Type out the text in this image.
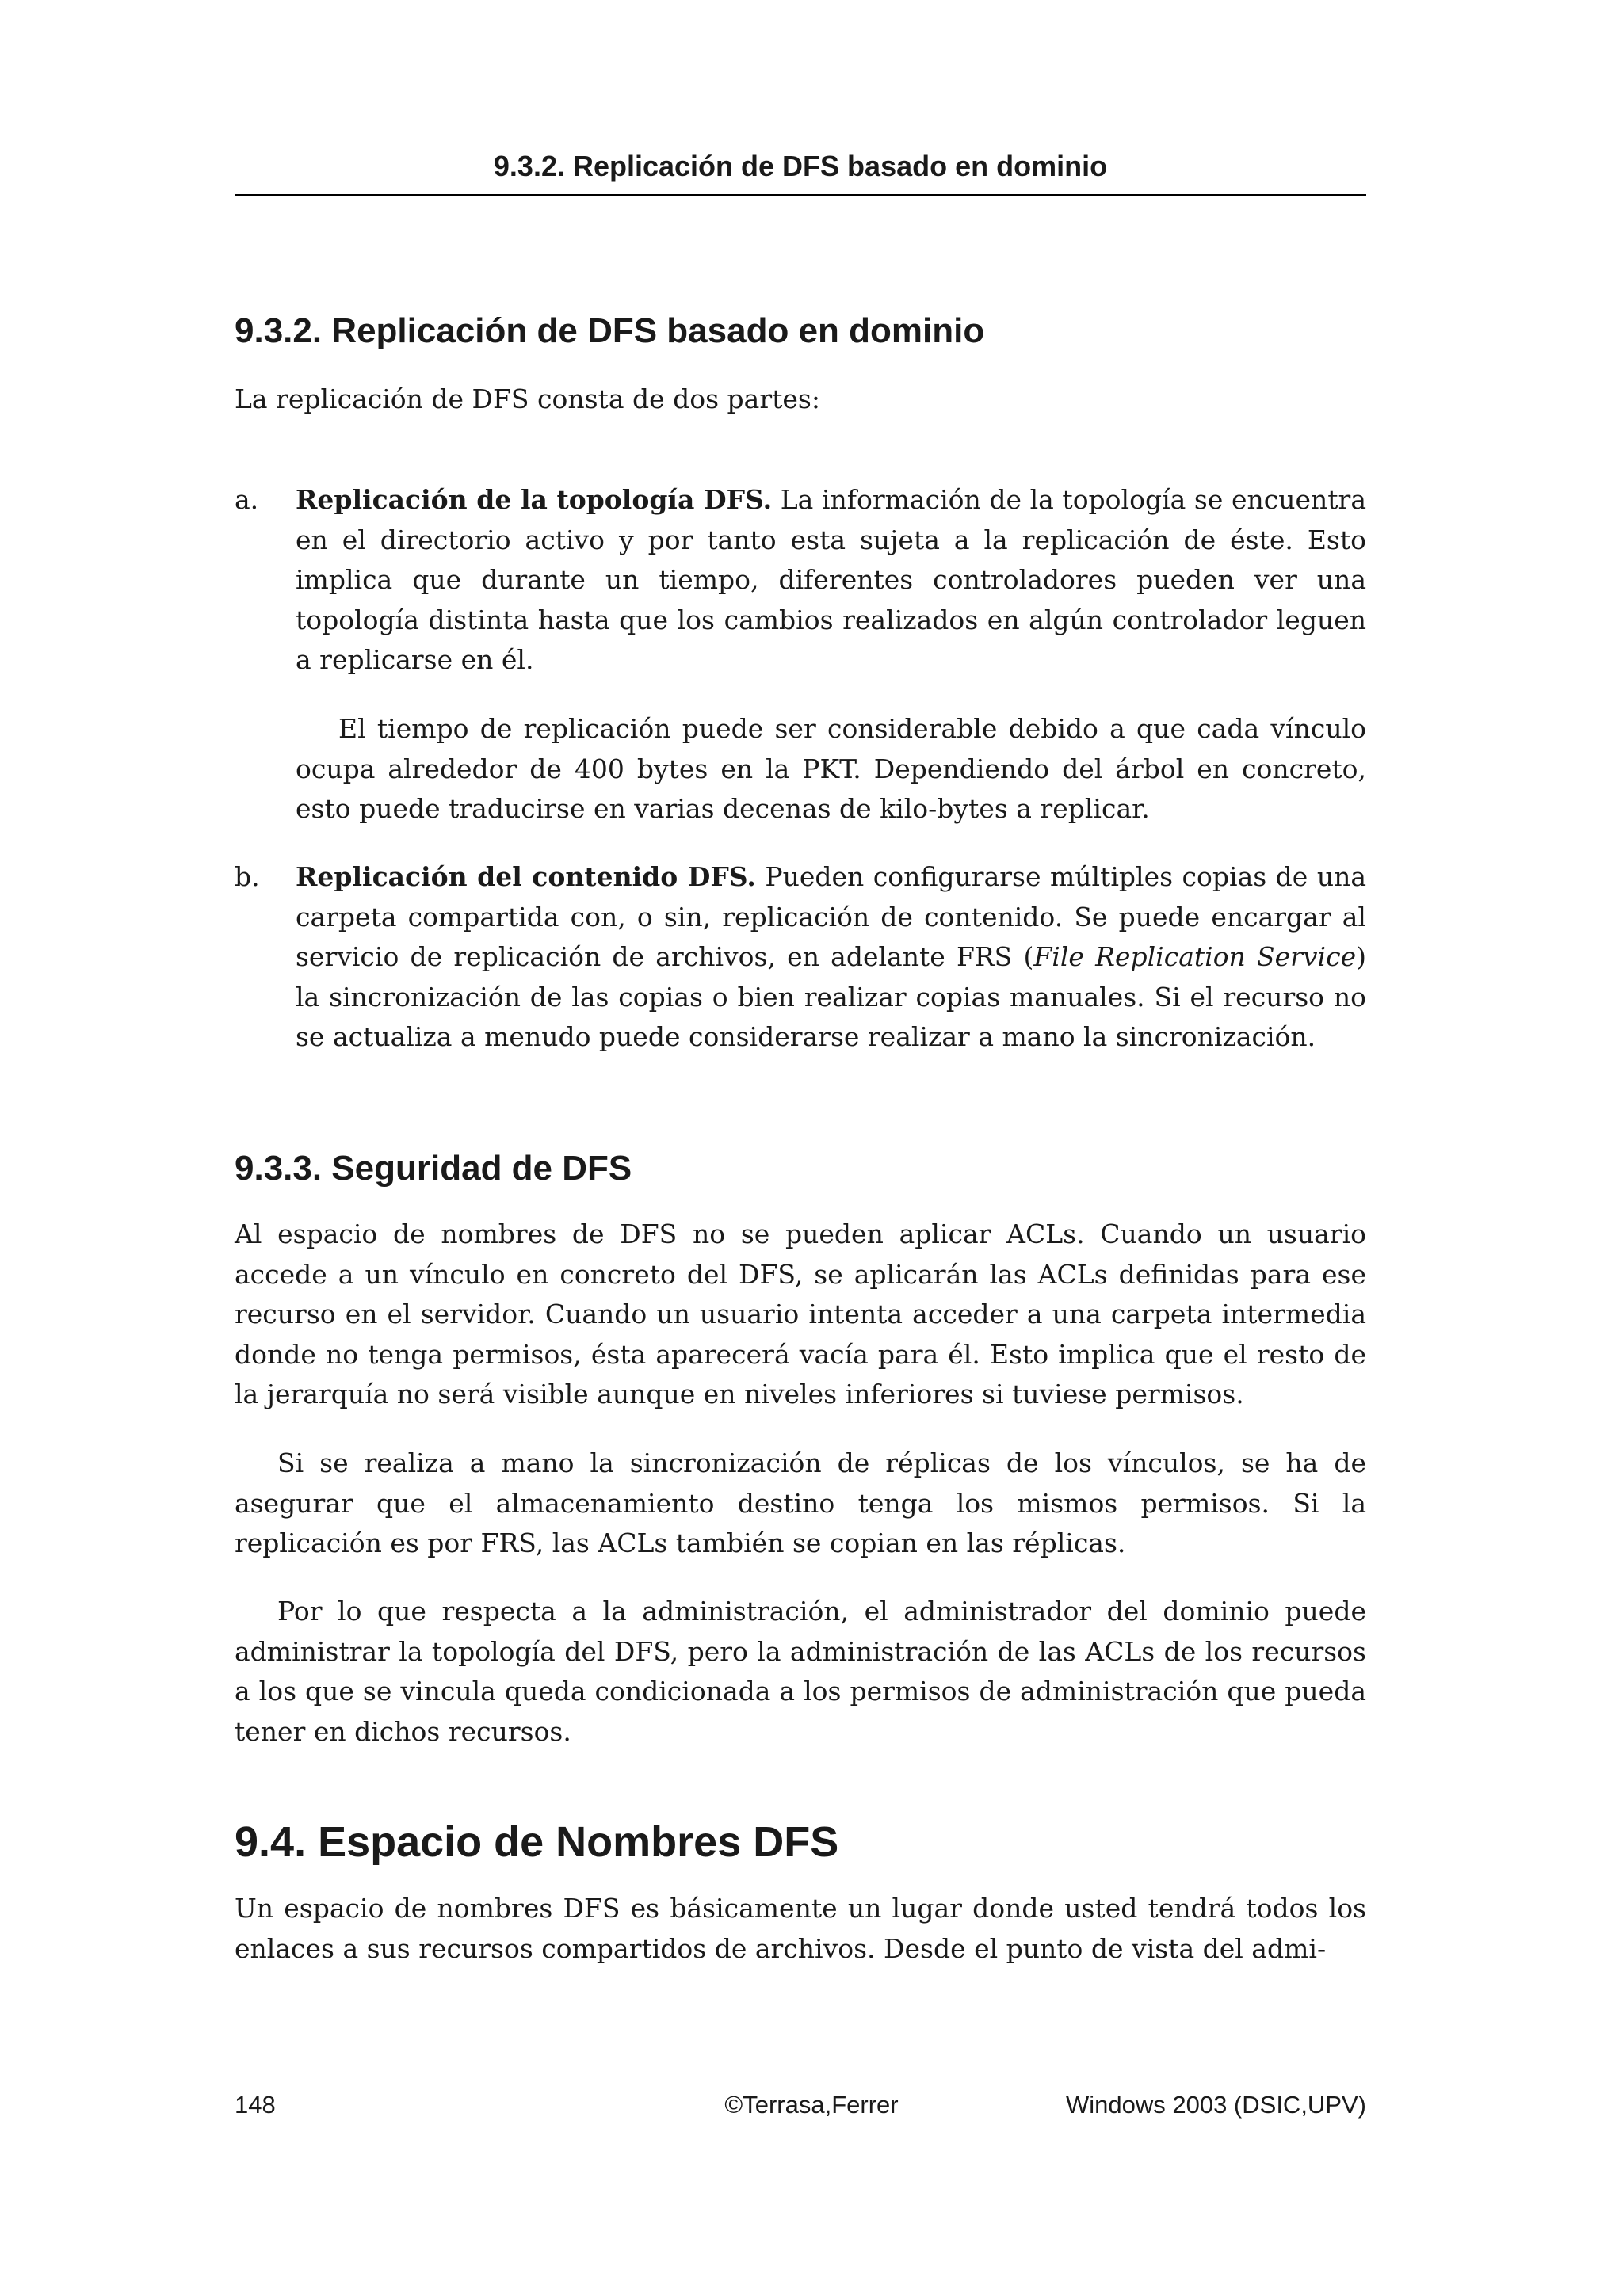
9.3.2. Replicación de DFS basado en dominio
9.3.2. Replicación de DFS basado en dominio

La replicación de DFS consta de dos partes:

a. Replicación de la topología DFS. La información de la topología se encuentra en el directorio activo y por tanto esta sujeta a la replicación de éste. Esto implica que durante un tiempo, diferentes controladores pueden ver una topología distinta hasta que los cambios realizados en algún controlador leguen a replicarse en él.

El tiempo de replicación puede ser considerable debido a que cada vínculo ocupa alrededor de 400 bytes en la PKT. Dependiendo del árbol en concreto, esto puede traducirse en varias decenas de kilo-bytes a replicar.

b. Replicación del contenido DFS. Pueden configurarse múltiples copias de una carpeta compartida con, o sin, replicación de contenido. Se puede encargar al servicio de replicación de archivos, en adelante FRS (File Replication Service) la sincronización de las copias o bien realizar copias manuales. Si el recurso no se actualiza a menudo puede considerarse realizar a mano la sincronización.

9.3.3. Seguridad de DFS

Al espacio de nombres de DFS no se pueden aplicar ACLs. Cuando un usuario accede a un vínculo en concreto del DFS, se aplicarán las ACLs definidas para ese recurso en el servidor. Cuando un usuario intenta acceder a una carpeta intermedia donde no tenga permisos, ésta aparecerá vacía para él. Esto implica que el resto de la jerarquía no será visible aunque en niveles inferiores si tuviese permisos.

Si se realiza a mano la sincronización de réplicas de los vínculos, se ha de asegurar que el almacenamiento destino tenga los mismos permisos. Si la replicación es por FRS, las ACLs también se copian en las réplicas.

Por lo que respecta a la administración, el administrador del dominio puede administrar la topología del DFS, pero la administración de las ACLs de los recursos a los que se vincula queda condicionada a los permisos de administración que pueda tener en dichos recursos.

9.4. Espacio de Nombres DFS

Un espacio de nombres DFS es básicamente un lugar donde usted tendrá todos los enlaces a sus recursos compartidos de archivos. Desde el punto de vista del admi-

148	©Terrasa,Ferrer	Windows 2003 (DSIC,UPV)
